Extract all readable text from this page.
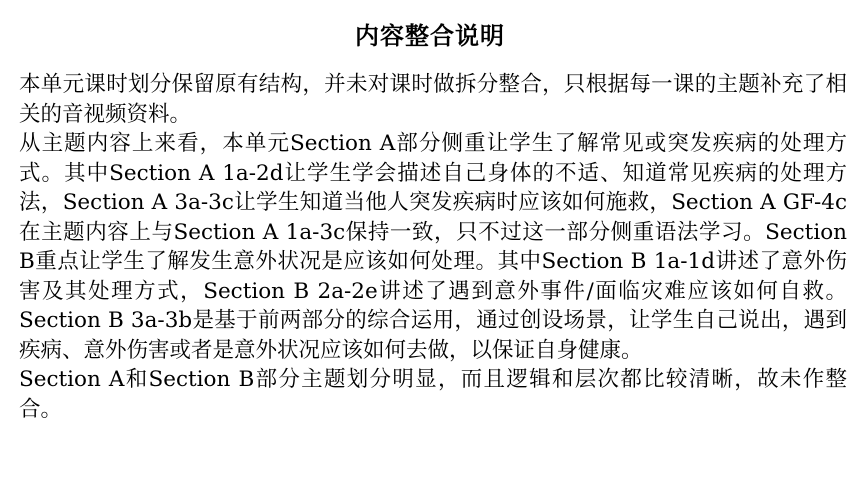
内容整合说明

本单元课时划分保留原有结构，并未对课时做拆分整合，只根据每一课的主题补充了相关的音视频资料。

从主题内容上来看，本单元Section A部分侧重让学生了解常见或突发疾病的处理方式。其中Section A 1a-2d让学生学会描述自己身体的不适、知道常见疾病的处理方法，Section A 3a-3c让学生知道当他人突发疾病时应该如何施救，Section A GF-4c在主题内容上与Section A 1a-3c保持一致，只不过这一部分侧重语法学习。Section B重点让学生了解发生意外状况是应该如何处理。其中Section B 1a-1d讲述了意外伤害及其处理方式，Section B 2a-2e讲述了遇到意外事件/面临灾难应该如何自救。Section B 3a-3b是基于前两部分的综合运用，通过创设场景，让学生自己说出，遇到疾病、意外伤害或者是意外状况应该如何去做，以保证自身健康。

Section A和Section B部分主题划分明显，而且逻辑和层次都比较清晰，故未作整合。
